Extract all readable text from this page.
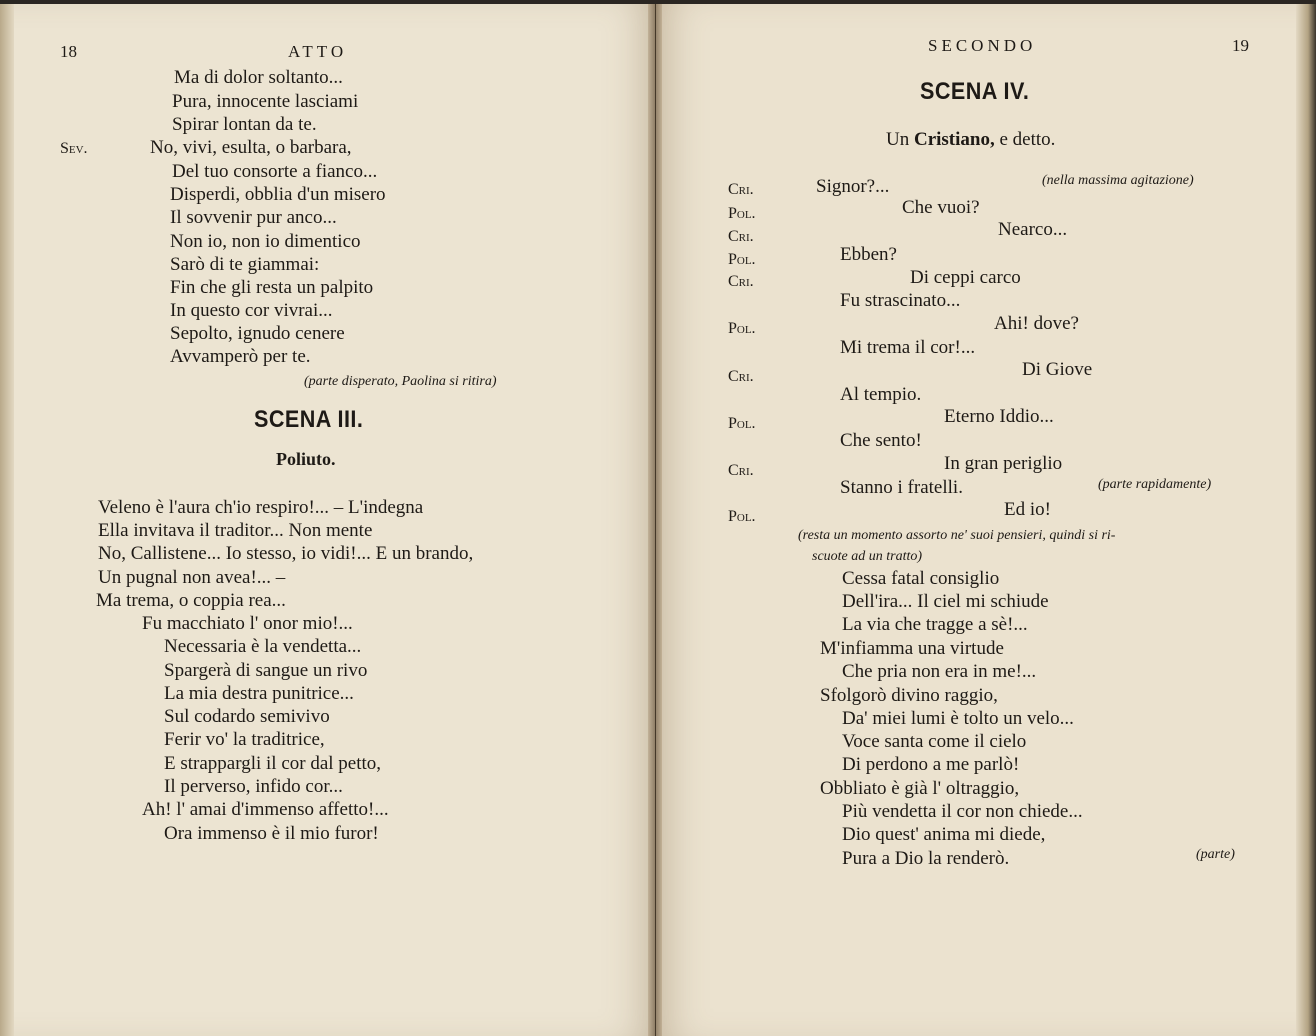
18	ATTO
Ma di dolor soltanto...
Pura, innocente lasciami
Spirar lontan da te.
Sev.	No, vivi, esulta, o barbara,
Del tuo consorte a fianco...
Disperdi, obblia d'un misero
Il sovvenir pur anco...
Non io, non io dimentico
Sarò di te giammai:
Fin che gli resta un palpito
In questo cor vivrai...
Sepolto, ignudo cenere
Avvamperò per te.
(parte disperato, Paolina si ritira)
SCENA III.
Poliuto.
Veleno è l'aura ch'io respiro!... – L'indegna
Ella invitava il traditor... Non mente
No, Callistene... Io stesso, io vidi!... E un brando,
Un pugnal non avea!... –
Ma trema, o coppia rea...
Fu macchiato l' onor mio!...
Necessaria è la vendetta...
Spargerà di sangue un rivo
La mia destra punitrice...
Sul codardo semivivo
Ferir vo' la traditrice,
E strappargli il cor dal petto,
Il perverso, infido cor...
Ah! l' amai d'immenso affetto!...
Ora immenso è il mio furor!
SECONDO	19
SCENA IV.
Un Cristiano, e detto.
Cri.	Signor?...	(nella massima agitazione)
Pol.	Che vuoi?
Cri.	Nearco...
Pol.	Ebben?
Cri.	Di ceppi carco
Fu strascinato...
Pol.	Ahi! dove?
Mi trema il cor!...
Cri.	Di Giove
Al tempio.
Pol.	Eterno Iddio...
Che sento!
Cri.	In gran periglio
Stanno i fratelli.	(parte rapidamente)
Pol.	Ed io!
(resta un momento assorto ne' suoi pensieri, quindi si ri-
scuote ad un tratto)
Cessa fatal consiglio
Dell'ira... Il ciel mi schiude
La via che tragge a sè!...
M'infiamma una virtude
Che pria non era in me!...
Sfolgorò divino raggio,
Da' miei lumi è tolto un velo...
Voce santa come il cielo
Di perdono a me parlò!
Obbliato è già l' oltraggio,
Più vendetta il cor non chiede...
Dio quest' anima mi diede,
Pura a Dio la renderò.	(parte)
